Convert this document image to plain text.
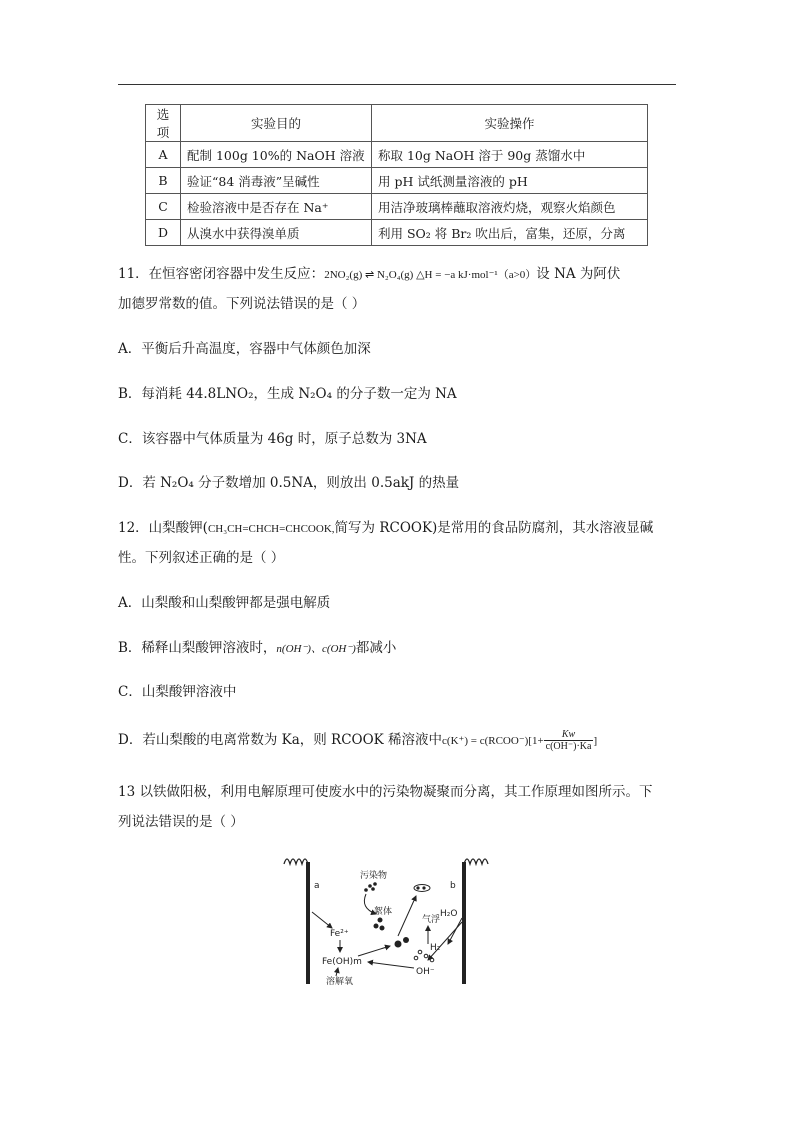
选项	实验目的	实验操作
A	配制 100g 10%的 NaOH 溶液	称取 10g NaOH 溶于 90g 蒸馏水中
B	验证“84 消毒液”呈碱性	用 pH 试纸测量溶液的 pH
C	检验溶液中是否存在 Na⁺	用洁净玻璃棒蘸取溶液灼烧，观察火焰颜色
D	从溴水中获得溴单质	利用 SO₂ 将 Br₂ 吹出后，富集，还原，分离
11．在恒容密闭容器中发生反应：2NO₂(g) ⇌ N₂O₄(g) △H = −a kJ·mol⁻¹（a>0）设 NA 为阿伏
加德罗常数的值。下列说法错误的是（ ）
A．平衡后升高温度，容器中气体颜色加深
B．每消耗 44.8LNO₂，生成 N₂O₄ 的分子数一定为 NA
C．该容器中气体质量为 46g 时，原子总数为 3NA
D．若 N₂O₄ 分子数增加 0.5NA，则放出 0.5akJ 的热量
12．山梨酸钾(CH₃CH=CHCH=CHCOOK,简写为 RCOOK)是常用的食品防腐剂，其水溶液显碱
性。下列叙述正确的是（ ）
A．山梨酸和山梨酸钾都是强电解质
B．稀释山梨酸钾溶液时，n(OH⁻)、c(OH⁻)都减小
C．山梨酸钾溶液中
D．若山梨酸的电离常数为 Ka，则 RCOOK 稀溶液中c(K⁺) = c(RCOO⁻)[1+ $\frac{Kw}{c(OH^-)\cdot Ka}$ ]
13 以铁做阳极，利用电解原理可使废水中的污染物凝聚而分离，其工作原理如图所示。下
列说法错误的是（ ）
a	b
污染物
絮体
气浮
Fe²⁺
Fe(OH)m
溶解氧
H₂O
H₂
OH⁻
